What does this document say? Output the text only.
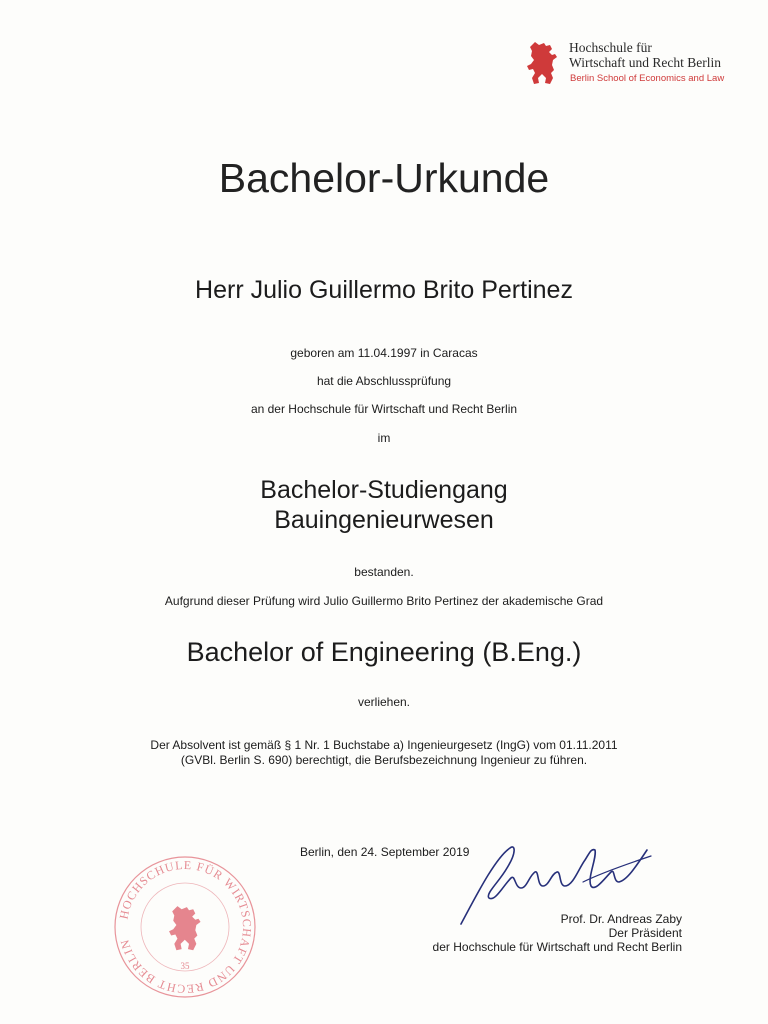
Hochschule für
Wirtschaft und Recht Berlin
Berlin School of Economics and Law
Bachelor-Urkunde
Herr Julio Guillermo Brito Pertinez
geboren am 11.04.1997 in Caracas
hat die Abschlussprüfung
an der Hochschule für Wirtschaft und Recht Berlin
im
Bachelor-Studiengang
Bauingenieurwesen
bestanden.
Aufgrund dieser Prüfung wird Julio Guillermo Brito Pertinez der akademische Grad
Bachelor of Engineering (B.Eng.)
verliehen.
Der Absolvent ist gemäß § 1 Nr. 1 Buchstabe a) Ingenieurgesetz (IngG) vom 01.11.2011
(GVBl. Berlin S. 690) berechtigt, die Berufsbezeichnung Ingenieur zu führen.
Berlin, den 24. September 2019
Prof. Dr. Andreas Zaby
Der Präsident
der Hochschule für Wirtschaft und Recht Berlin
HOCHSCHULE FÜR WIRTSCHAFT UND RECHT BERLIN
35
